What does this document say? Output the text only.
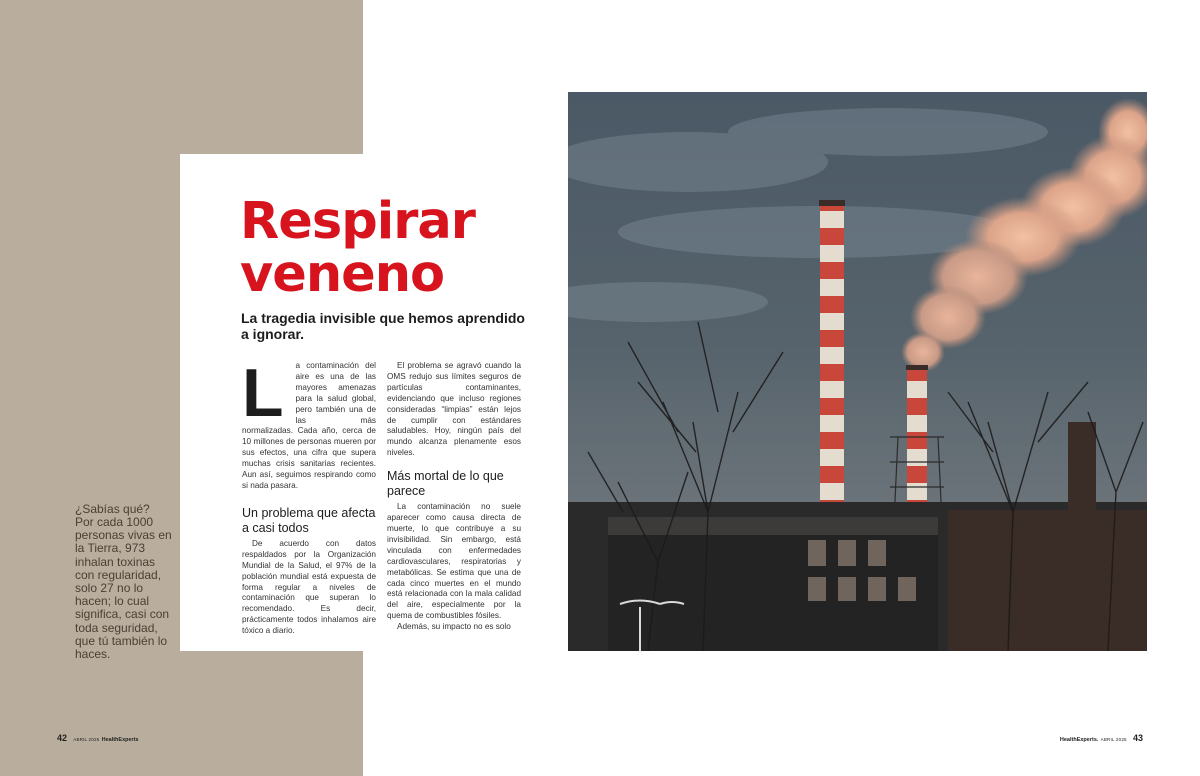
Respirar
veneno

La tragedia invisible que hemos aprendido a ignorar.

L	a contaminación del aire es una de las mayores amenazas para la salud global, pero también una de las más normalizadas. Cada año, cerca de 10 millones de personas mueren por sus efectos, una cifra que supera muchas crisis sanitarias recientes. Aun así, seguimos respirando como si nada pasara.

Un problema que afecta a casi todos

De acuerdo con datos respaldados por la Organización Mundial de la Salud, el 97% de la población mundial está expuesta de forma regular a niveles de contaminación que superan lo recomendado. Es decir, prácticamente todos inhalamos aire tóxico a diario.

El problema se agravó cuando la OMS redujo sus límites seguros de partículas contaminantes, evidenciando que incluso regiones consideradas “limpias” están lejos de cumplir con estándares saludables. Hoy, ningún país del mundo alcanza plenamente esos niveles.

Más mortal de lo que parece

La contaminación no suele aparecer como causa directa de muerte, lo que contribuye a su invisibilidad. Sin embargo, está vinculada con enfermedades cardiovasculares, respiratorias y metabólicas. Se estima que una de cada cinco muertes en el mundo está relacionada con la mala calidad del aire, especialmente por la quema de combustibles fósiles.

Además, su impacto no es solo

¿Sabías qué?
Por cada 1000 personas vivas en la Tierra, 973 inhalan toxinas con regularidad, solo 27 no lo hacen; lo cual significa, casi con toda seguridad, que tú también lo haces.
42 ABRIL 2025 HealthExperts	HealthExperts. ABRIL 2025 43
